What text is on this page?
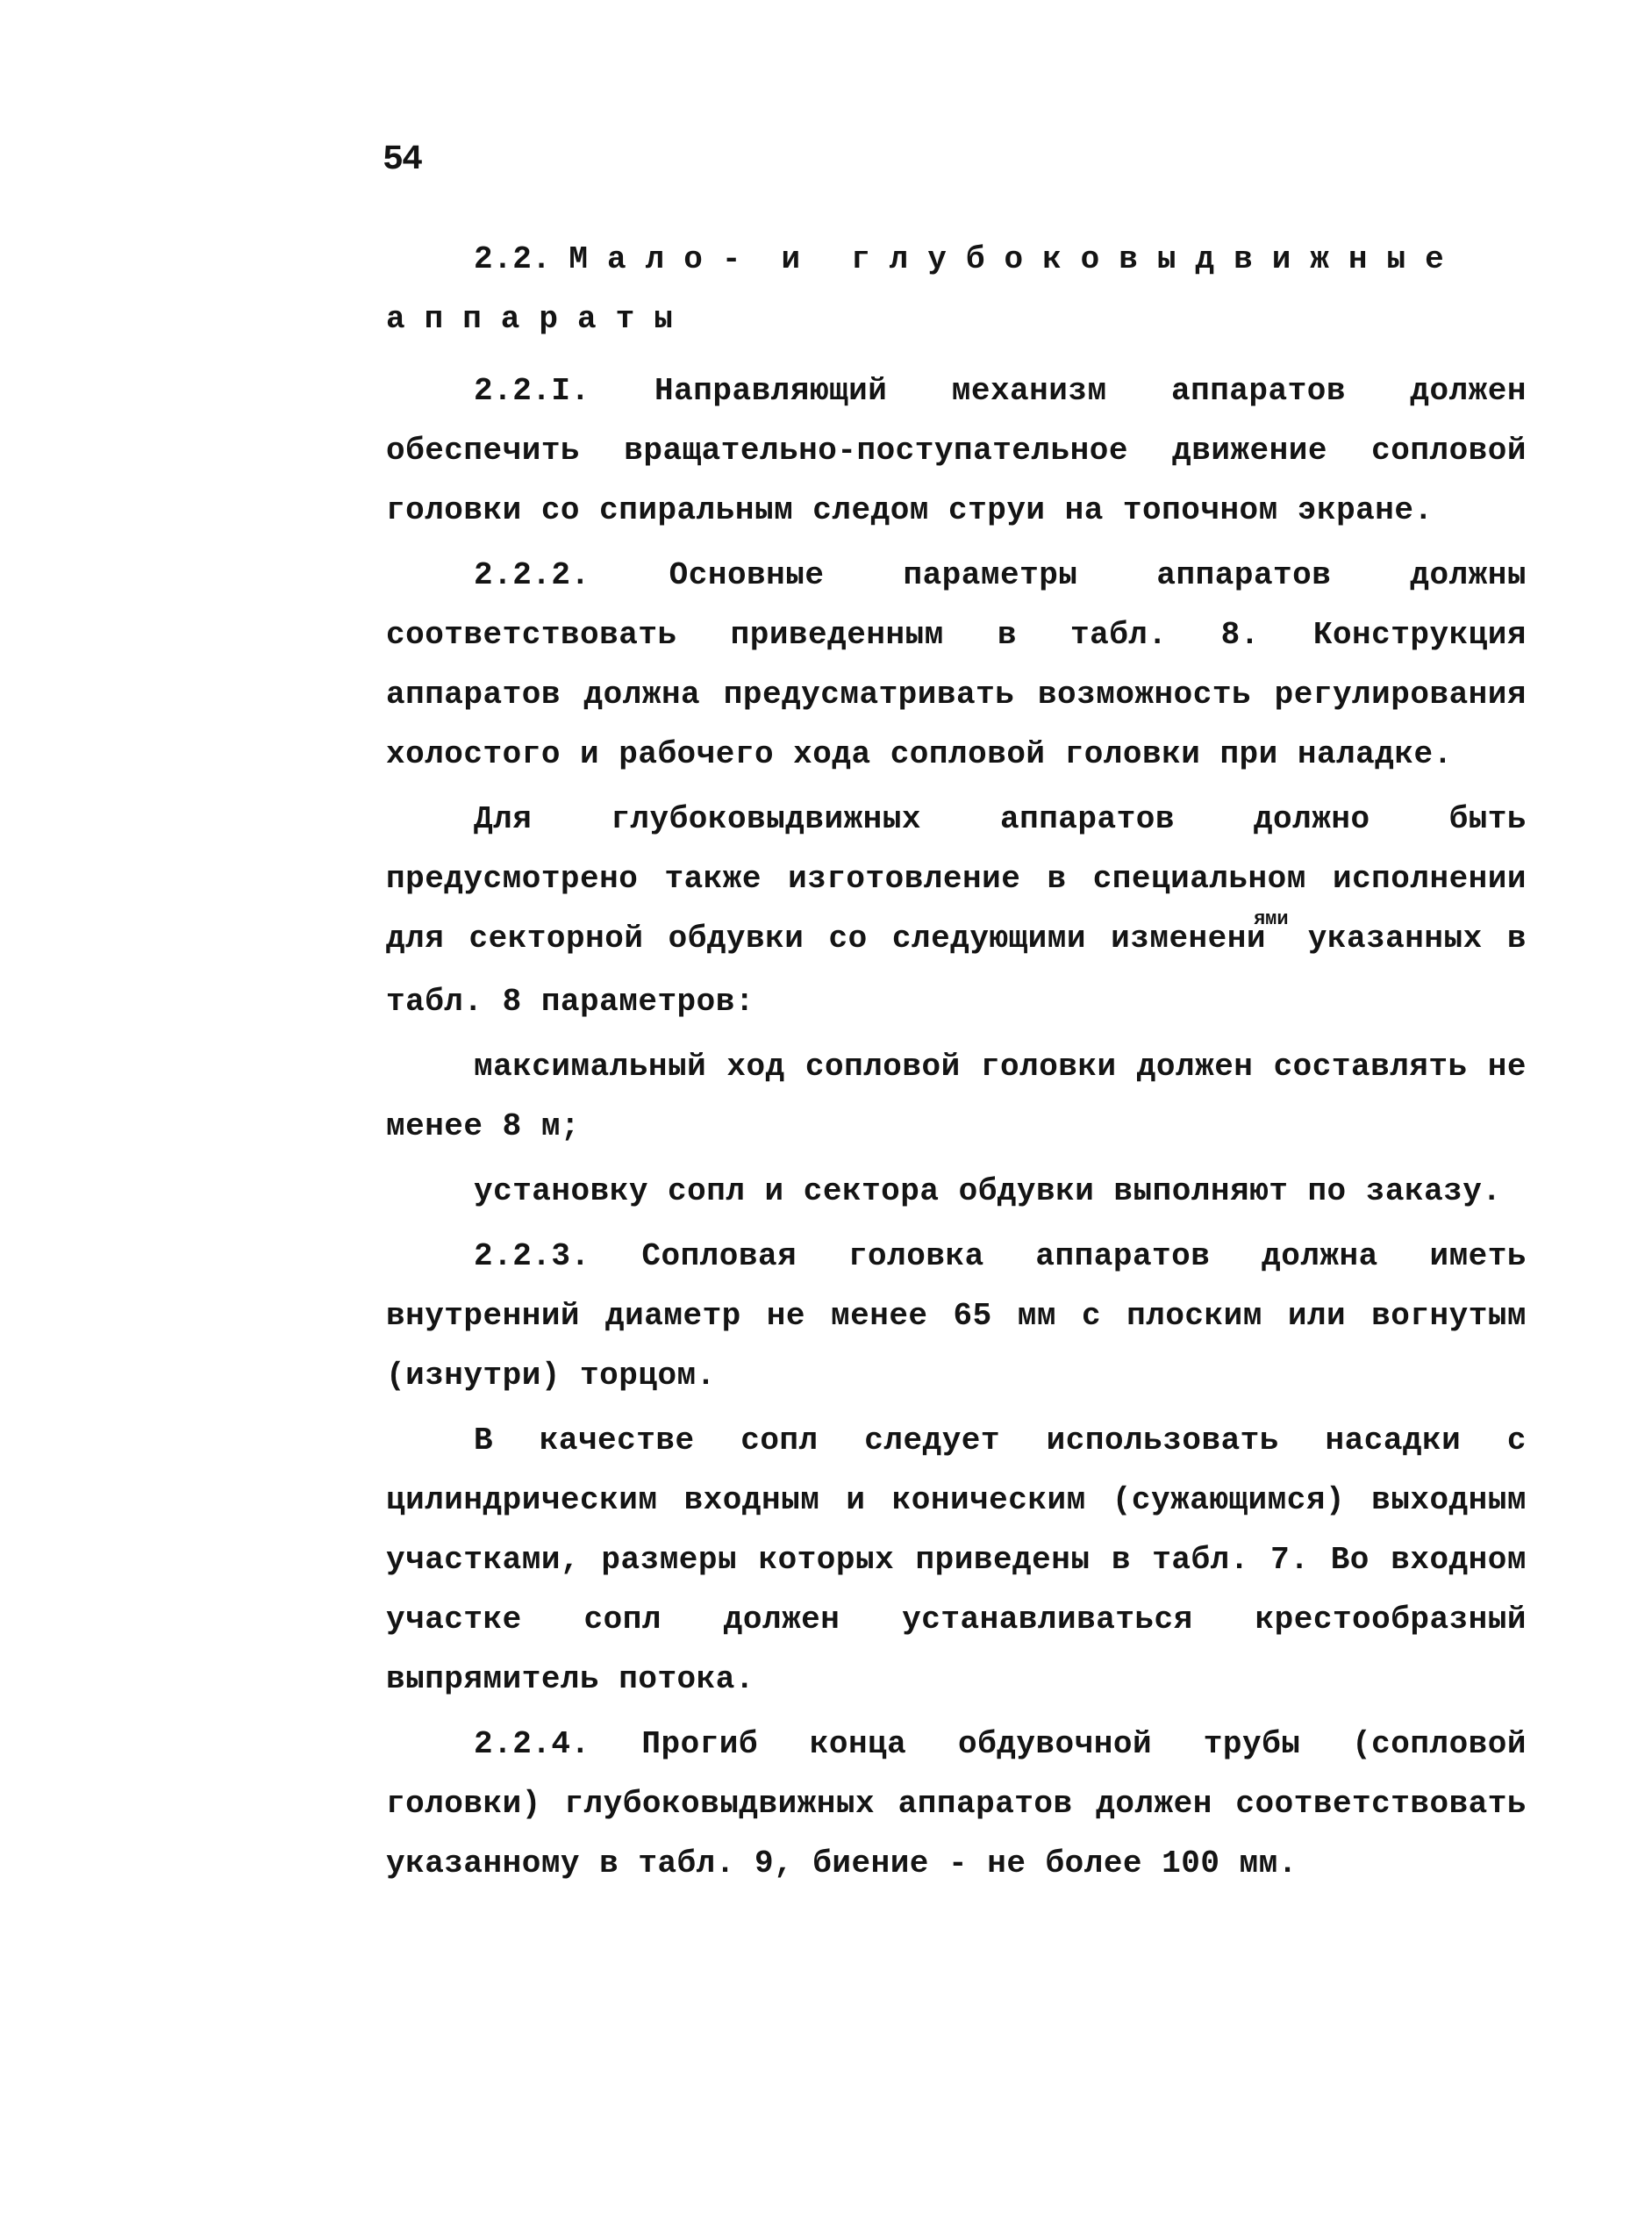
54
2.2. Мало- и глубоковыдвижные
аппараты

2.2.I. Направляющий механизм аппаратов должен обеспечить вращательно-поступательное движение сопловой головки со спиральным следом струи на топочном экране.

2.2.2. Основные параметры аппаратов должны соответствовать приведенным в табл. 8. Конструкция аппаратов должна предусматривать возможность регулирования холостого и рабочего хода сопловой головки при наладке.

Для глубоковыдвижных аппаратов должно быть предусмотрено также изготовление в специальном исполнении для секторной обдувки со следующими изменени$^{ями}$ указанных в табл. 8 параметров:

максимальный ход сопловой головки должен составлять не менее 8 м;

установку сопл и сектора обдувки выполняют по заказу.

2.2.3. Сопловая головка аппаратов должна иметь внутренний диаметр не менее 65 мм с плоским или вогнутым (изнутри) торцом.

В качестве сопл следует использовать насадки с цилиндрическим входным и коническим (сужающимся) выходным участками, размеры которых приведены в табл. 7. Во входном участке сопл должен устанавливаться крестообразный выпрямитель потока.

2.2.4. Прогиб конца обдувочной трубы (сопловой головки) глубоковыдвижных аппаратов должен соответствовать указанному в табл. 9, биение - не более 100 мм.
